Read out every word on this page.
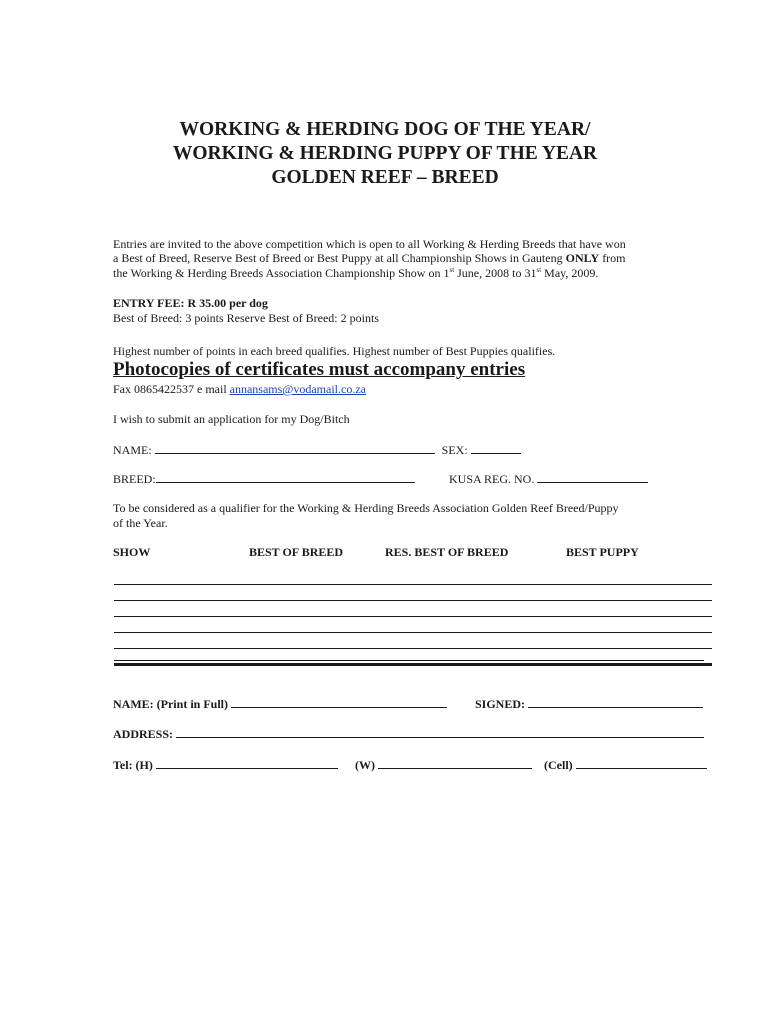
WORKING & HERDING DOG OF THE YEAR/
WORKING & HERDING PUPPY OF THE YEAR
GOLDEN REEF – BREED
Entries are invited to the above competition which is open to all Working & Herding Breeds that have won
a Best of Breed, Reserve Best of Breed or Best Puppy at all Championship Shows in Gauteng ONLY from
the Working & Herding Breeds Association Championship Show on 1st June, 2008 to 31st May, 2009.
ENTRY FEE: R 35.00 per dog
Best of Breed: 3 points Reserve Best of Breed: 2 points
Highest number of points in each breed qualifies. Highest number of Best Puppies qualifies.
Photocopies of certificates must accompany entries
Fax 0865422537 e mail annansams@vodamail.co.za
I wish to submit an application for my Dog/Bitch
NAME:	SEX:
BREED:	KUSA REG. NO.
To be considered as a qualifier for the Working & Herding Breeds Association Golden Reef Breed/Puppy
of the Year.
SHOW	BEST OF BREED	RES. BEST OF BREED	BEST PUPPY
NAME: (Print in Full)	SIGNED:
ADDRESS:
Tel: (H)	(W)	(Cell)
